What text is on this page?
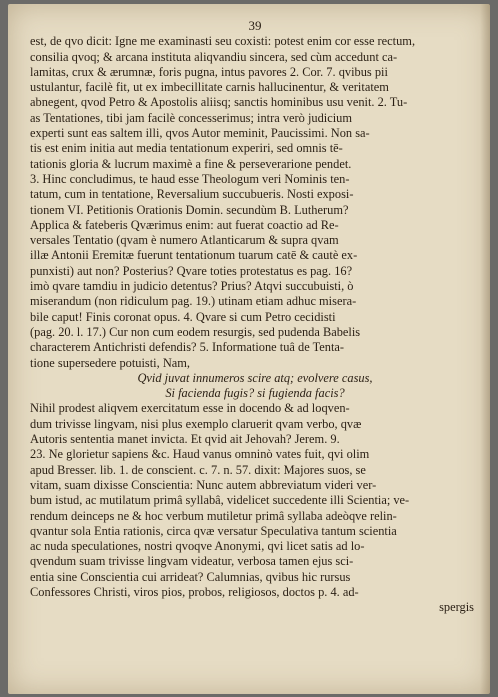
39
est, de qvo dicit: Igne me examinasti seu coxisti: potest enim cor esse rectum,
consilia qvoq; & arcana instituta aliqvandiu sincera, sed cùm accedunt ca-
lamitas, crux & ærumnæ, foris pugna, intus pavores 2. Cor. 7. qvibus pii
ustulantur, facilè fit, ut ex imbecillitate carnis hallucinentur, & veritatem
abnegent, qvod Petro & Apostolis aliisq; sanctis hominibus usu venit. 2. Tu-
as Tentationes, tibi jam facilè concesserimus; intra verò judicium
experti sunt eas saltem illi, qvos Autor meminit, Paucissimi. Non sa-
tis est enim initia aut media tentationum experiri, sed omnis tē-
tationis gloria & lucrum maximè a fine & perseverarione pendet.
3. Hinc concludimus, te haud esse Theologum veri Nominis ten-
tatum, cum in tentatione, Reversalium succubueris. Nosti exposi-
tionem VI. Petitionis Orationis Domin. secundùm B. Lutherum?
Applica & fateberis Qværimus enim: aut fuerat coactio ad Re-
versales Tentatio (qvam è numero Atlanticarum & supra qvam
illæ Antonii Eremitæ fuerunt tentationum tuarum catē & cautè ex-
punxisti) aut non? Posterius? Qvare toties protestatus es pag. 16?
imò qvare tamdiu in judicio detentus? Prius? Atqvi succubuisti, ò
miserandum (non ridiculum pag. 19.) utinam etiam adhuc misera-
bile caput! Finis coronat opus. 4. Qvare si cum Petro cecidisti
(pag. 20. l. 17.) Cur non cum eodem resurgis, sed pudenda Babelis
characterem Antichristi defendis? 5. Informatione tuâ de Tenta-
tione supersedere potuisti, Nam,
Qvid juvat innumeros scire atq; evolvere casus,
Si facienda fugis? si fugienda facis?
Nihil prodest aliqvem exercitatum esse in docendo & ad loqven-
dum trivisse lingvam, nisi plus exemplo claruerit qvam verbo, qvæ
Autoris sententia manet invicta. Et qvid ait Jehovah? Jerem. 9.
23. Ne glorietur sapiens &c. Haud vanus omninò vates fuit, qvi olim
apud Bresser. lib. 1. de conscient. c. 7. n. 57. dixit: Majores suos, se
vitam, suam dixisse Conscientia: Nunc autem abbreviatum videri ver-
bum istud, ac mutilatum primâ syllabâ, videlicet succedente illi Scientia; ve-
rendum deinceps ne & hoc verbum mutiletur primâ syllaba adeòqve relin-
qvantur sola Entia rationis, circa qvæ versatur Speculativa tantum scientia
ac nuda speculationes, nostri qvoqve Anonymi, qvi licet satis ad lo-
qvendum suam trivisse lingvam videatur, verbosa tamen ejus sci-
entia sine Conscientia cui arrideat? Calumnias, qvibus hic rursus
Confessores Christi, viros pios, probos, religiosos, doctos p. 4. ad-
spergis
